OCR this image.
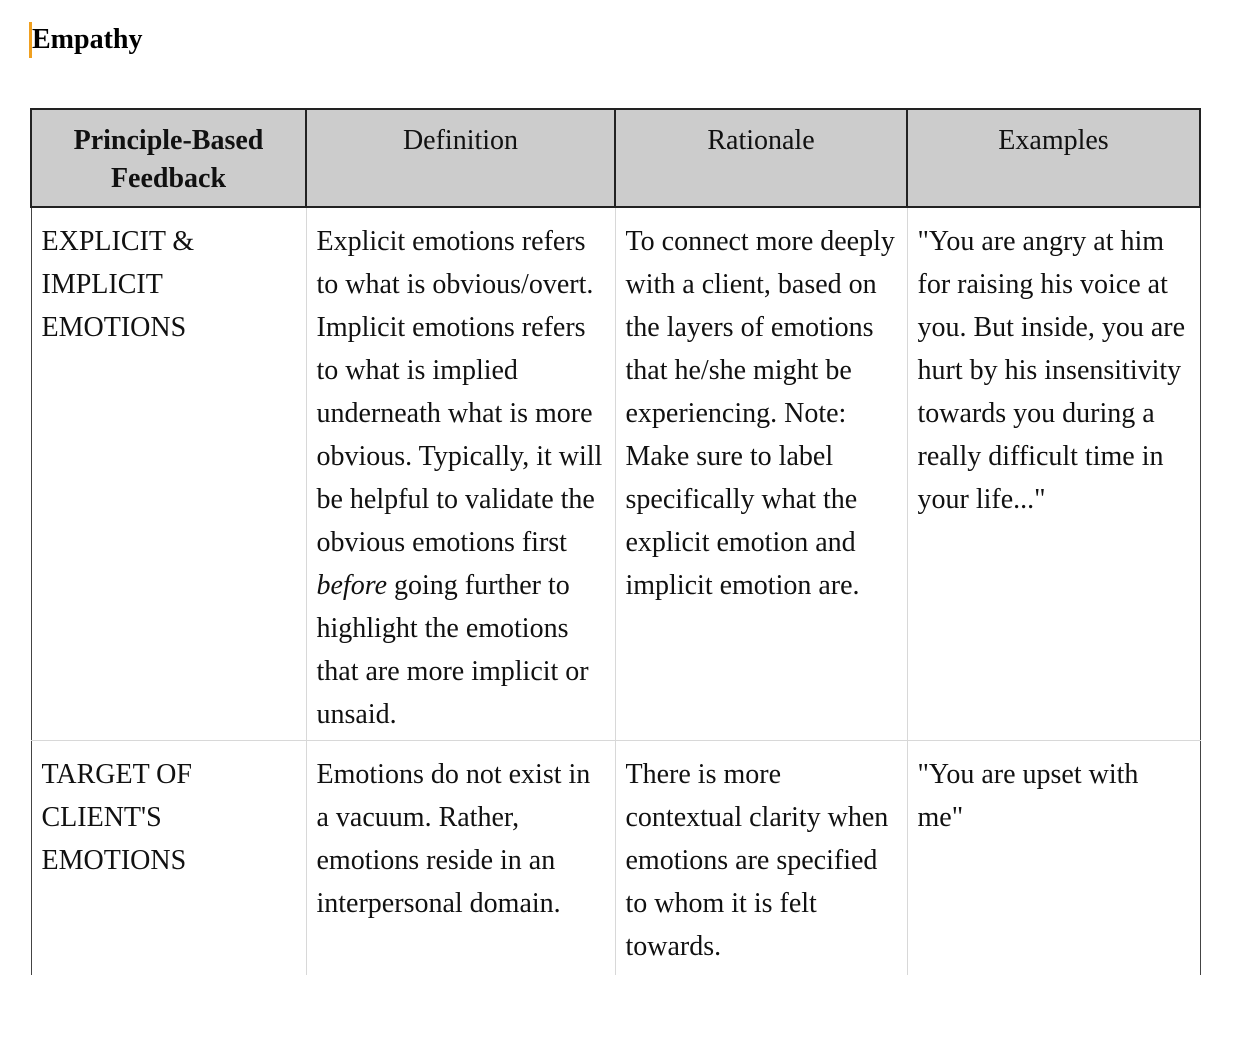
Empathy
Principle-Based Feedback	Definition	Rationale	Examples
EXPLICIT & IMPLICIT EMOTIONS	Explicit emotions refers to what is obvious/overt. Implicit emotions refers to what is implied underneath what is more obvious. Typically, it will be helpful to validate the obvious emotions first before going further to highlight the emotions that are more implicit or unsaid.	To connect more deeply with a client, based on the layers of emotions that he/she might be experiencing. Note: Make sure to label specifically what the explicit emotion and implicit emotion are.	"You are angry at him for raising his voice at you. But inside, you are hurt by his insensitivity towards you during a really difficult time in your life..."
TARGET OF CLIENT'S EMOTIONS	Emotions do not exist in a vacuum. Rather, emotions reside in an interpersonal domain.	There is more contextual clarity when emotions are specified to whom it is felt towards.	"You are upset with me"
